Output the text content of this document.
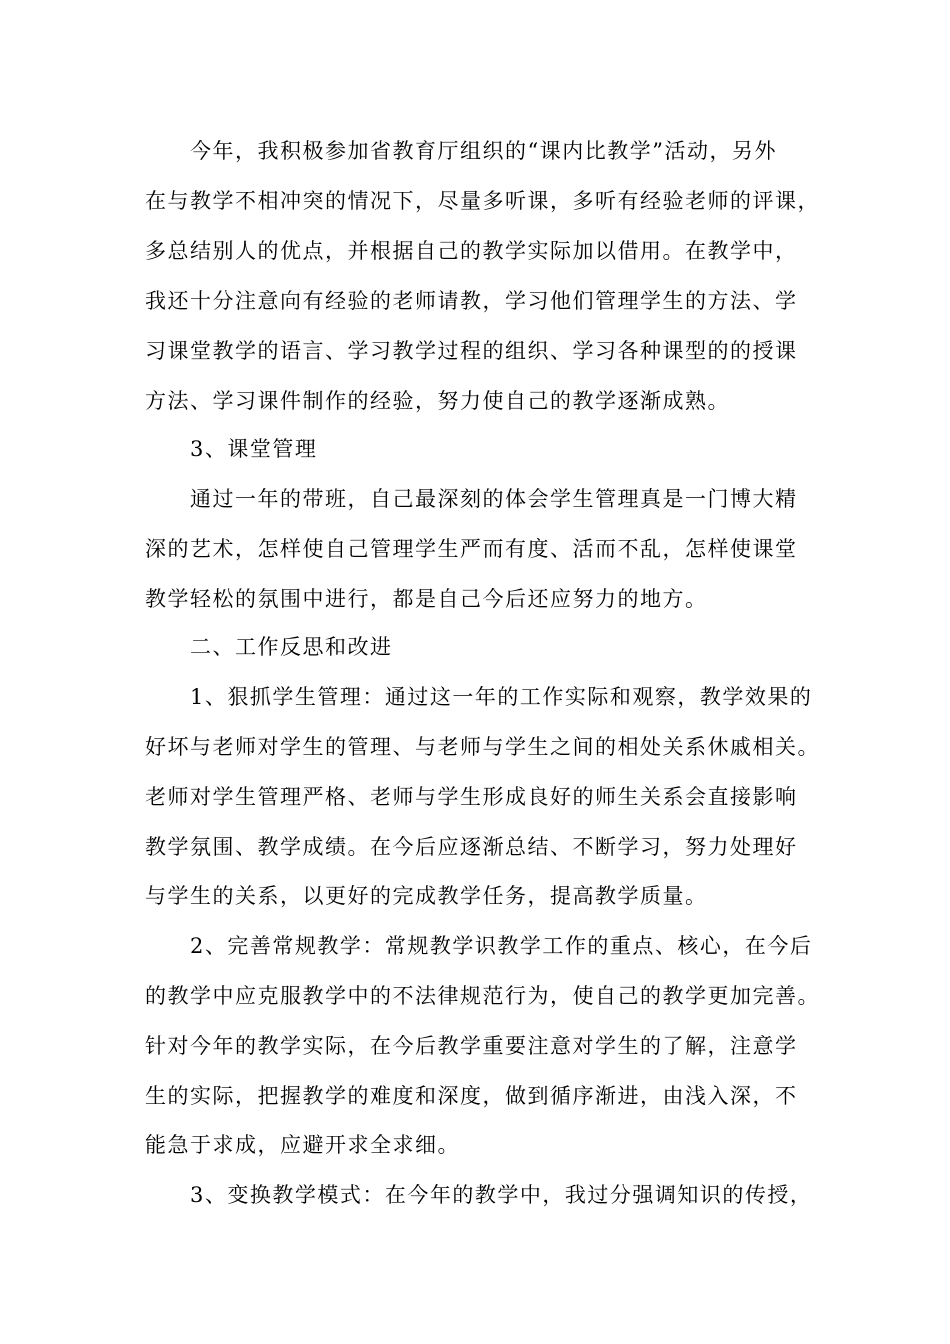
今年，我积极参加省教育厅组织的“课内比教学”活动，另外
在与教学不相冲突的情况下，尽量多听课，多听有经验老师的评课，
多总结别人的优点，并根据自己的教学实际加以借用。在教学中，
我还十分注意向有经验的老师请教，学习他们管理学生的方法、学
习课堂教学的语言、学习教学过程的组织、学习各种课型的的授课
方法、学习课件制作的经验，努力使自己的教学逐渐成熟。
3、课堂管理
通过一年的带班，自己最深刻的体会学生管理真是一门博大精
深的艺术，怎样使自己管理学生严而有度、活而不乱，怎样使课堂
教学轻松的氛围中进行，都是自己今后还应努力的地方。
二、工作反思和改进
1、狠抓学生管理：通过这一年的工作实际和观察，教学效果的
好坏与老师对学生的管理、与老师与学生之间的相处关系休戚相关。
老师对学生管理严格、老师与学生形成良好的师生关系会直接影响
教学氛围、教学成绩。在今后应逐渐总结、不断学习，努力处理好
与学生的关系，以更好的完成教学任务，提高教学质量。
2、完善常规教学：常规教学识教学工作的重点、核心，在今后
的教学中应克服教学中的不法律规范行为，使自己的教学更加完善。
针对今年的教学实际，在今后教学重要注意对学生的了解，注意学
生的实际，把握教学的难度和深度，做到循序渐进，由浅入深，不
能急于求成，应避开求全求细。
3、变换教学模式：在今年的教学中，我过分强调知识的传授，
